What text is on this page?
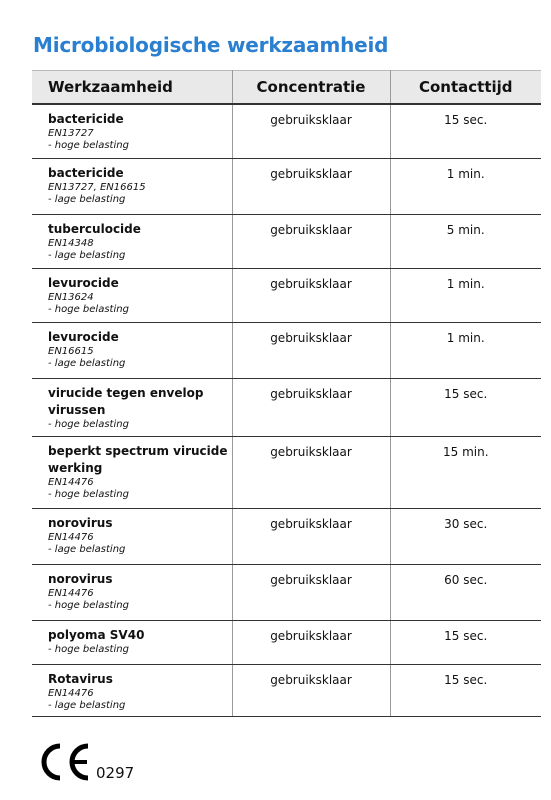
Microbiologische werkzaamheid
Werkzaamheid	Concentratie	Contacttijd

bactericide
EN13727
- hoge belasting	gebruiksklaar	15 sec.

bactericide
EN13727, EN16615
- lage belasting	gebruiksklaar	1 min.

tuberculocide
EN14348
- lage belasting	gebruiksklaar	5 min.

levurocide
EN13624
- hoge belasting	gebruiksklaar	1 min.

levurocide
EN16615
- lage belasting	gebruiksklaar	1 min.

virucide tegen envelop virussen
- hoge belasting	gebruiksklaar	15 sec.

beperkt spectrum virucide werking
EN14476
- hoge belasting	gebruiksklaar	15 min.

norovirus
EN14476
- lage belasting	gebruiksklaar	30 sec.

norovirus
EN14476
- hoge belasting	gebruiksklaar	60 sec.

polyoma SV40
- hoge belasting	gebruiksklaar	15 sec.

Rotavirus
EN14476
- lage belasting	gebruiksklaar	15 sec.
0297
